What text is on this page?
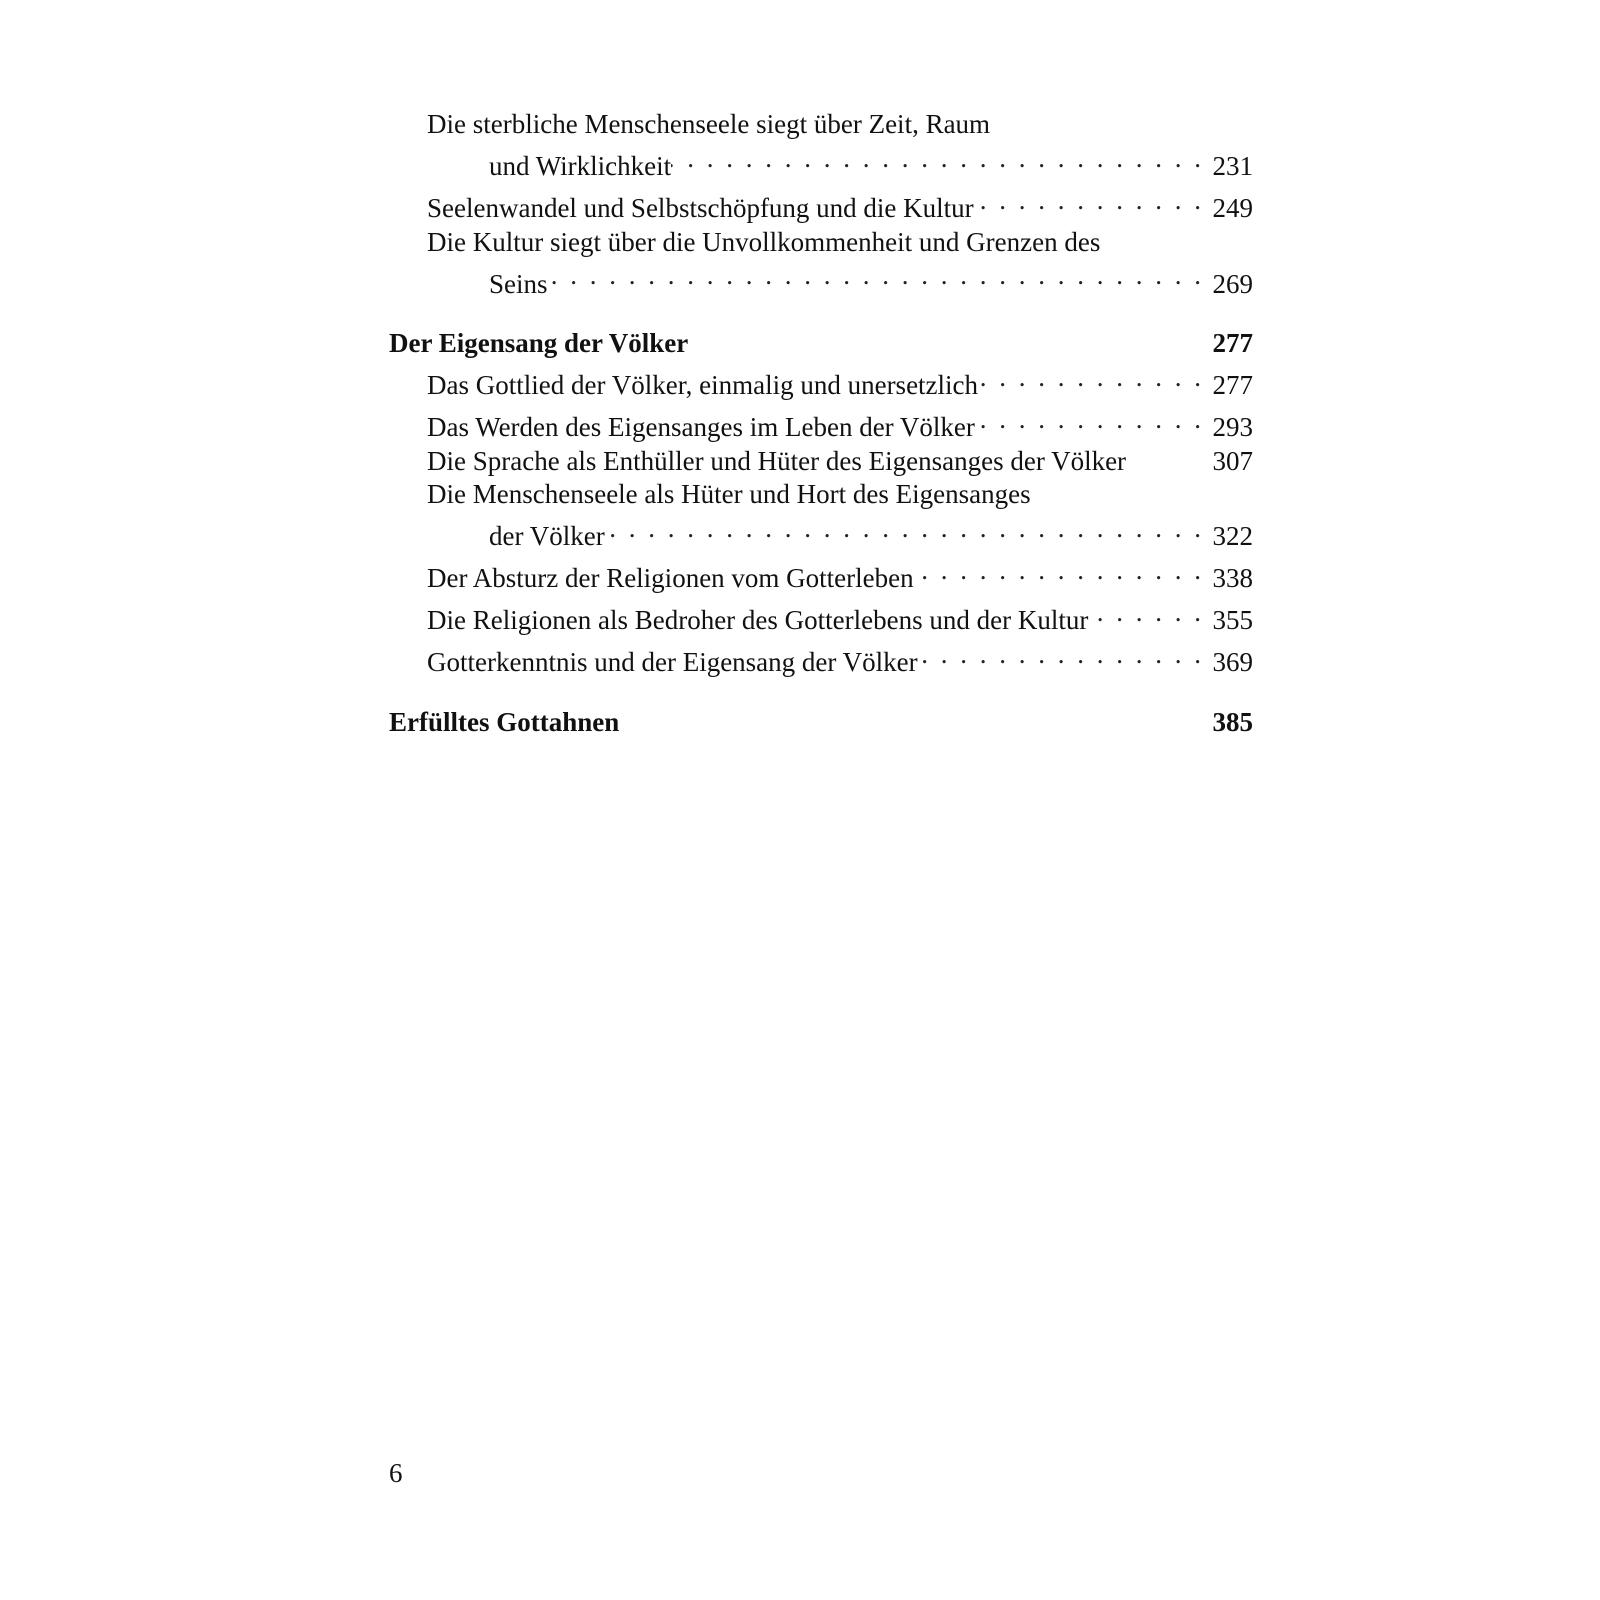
Die sterbliche Menschenseele siegt über Zeit, Raum
und Wirklichkeit . . .	231
Seelenwandel und Selbstschöpfung und die Kultur . . .	249
Die Kultur siegt über die Unvollkommenheit und Grenzen des
Seins . . .	269
Der Eigensang der Völker	277
Das Gottlied der Völker, einmalig und unersetzlich . . .	277
Das Werden des Eigensanges im Leben der Völker . . .	293
Die Sprache als Enthüller und Hüter des Eigensanges der Völker	307
Die Menschenseele als Hüter und Hort des Eigensanges
der Völker . . .	322
Der Absturz der Religionen vom Gotterleben . . .	338
Die Religionen als Bedroher des Gotterlebens und der Kultur . . .	355
Gotterkenntnis und der Eigensang der Völker . . .	369
Erfülltes Gottahnen	385
6
